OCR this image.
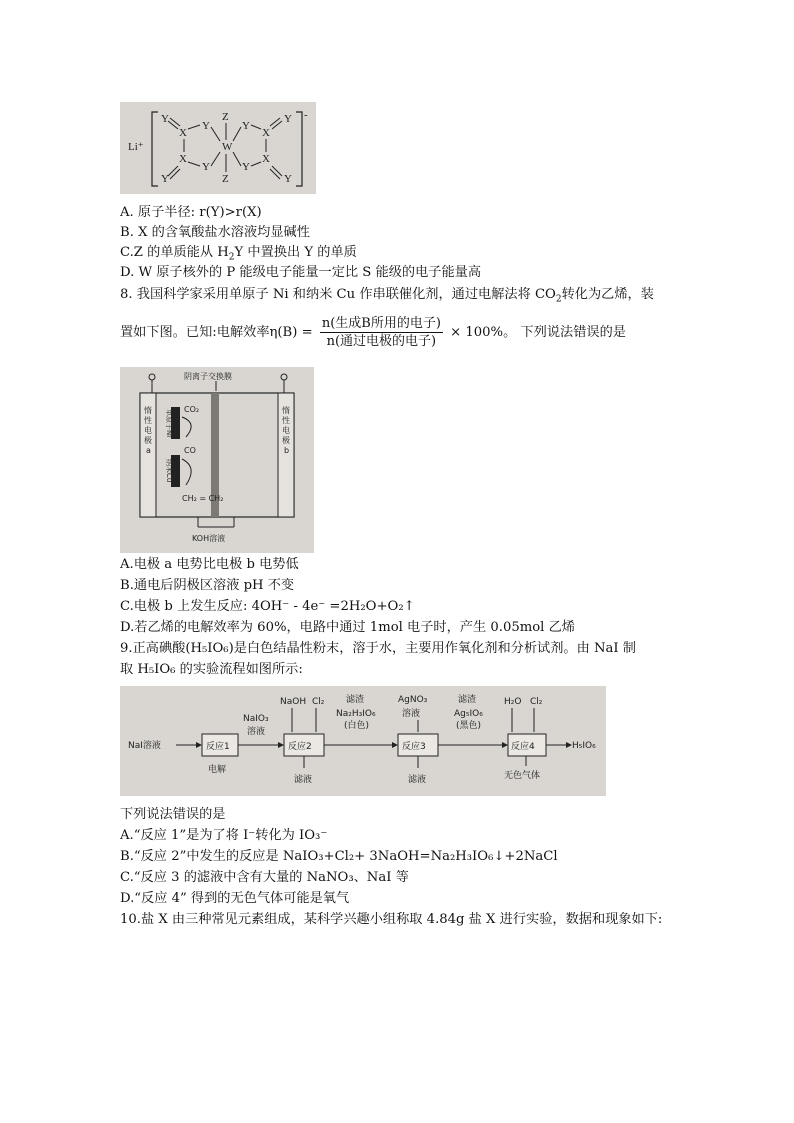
Li⁺
-
Y
X
Y
X
Y
Y
Z
W
Z
Y
X
Y
Y
X
Y
A. 原子半径: r(Y)>r(X)
B. X 的含氧酸盐水溶液均显碱性
C.Z 的单质能从 $H_2Y$ 中置换出 Y 的单质
D. W 原子核外的 P 能级电子能量一定比 S 能级的电子能量高
8. 我国科学家采用单原子 Ni 和纳米 Cu 作串联催化剂，通过电解法将 $CO_2$转化为乙烯，装
置如下图。已知:电解效率$\eta(B) = \frac{\text{n(生成B所用的电子)}}{\text{n(通过电极的电子)}} \times 100\%$。 下列说法错误的是
阴离子交换膜
惰
性
电
极
a
惰
性
电
极
b
单原子Ni
纳米Cu
CO₂
CO
CH₂ = CH₂
KOH溶液
A.电极 a 电势比电极 b 电势低
B.通电后阴极区溶液 pH 不变
C.电极 b 上发生反应: 4OH⁻ - 4e⁻ =2H₂O+O₂↑
D.若乙烯的电解效率为 60%，电路中通过 1mol 电子时，产生 0.05mol 乙烯
9.正高碘酸(H₅IO₆)是白色结晶性粉末，溶于水，主要用作氧化剂和分析试剂。由 NaI 制
取 H₅IO₆ 的实验流程如图所示:
NaI溶液	反应1
电解
NaIO₃
溶液
NaOH Cl₂
反应2
滤液
滤渣
Na₂H₃IO₆
(白色)
AgNO₃
溶液
反应3
滤液
滤渣
Ag₅IO₆
(黑色)
H₂O Cl₂
反应4
无色气体
H₅IO₆
下列说法错误的是
A.“反应 1”是为了将 I⁻转化为 IO₃⁻
B.“反应 2”中发生的反应是 NaIO₃+Cl₂+ 3NaOH=Na₂H₃IO₆↓+2NaCl
C.“反应 3 的滤液中含有大量的 NaNO₃、NaI 等
D.“反应 4” 得到的无色气体可能是氧气
10.盐 X 由三种常见元素组成，某科学兴趣小组称取 4.84g 盐 X 进行实验，数据和现象如下:
